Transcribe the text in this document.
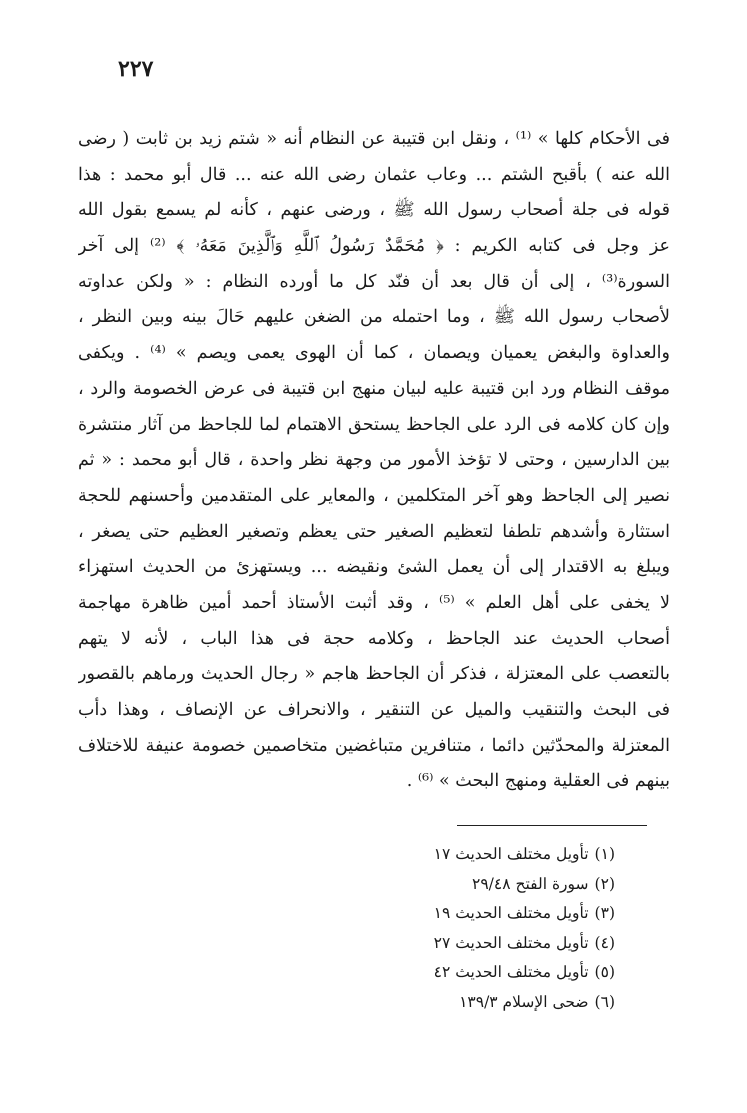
٢٢٧
فى الأحكام كلها » ⁽¹⁾ ، ونقل ابن قتيبة عن النظام أنه « شتم زيد بن ثابت ( رضى
الله عنه ) بأقبح الشتم ... وعاب عثمان رضى الله عنه ... قال أبو محمد : هذا
قوله فى جلة أصحاب رسول الله ﷺ ، ورضى عنهم ، كأنه لم يسمع بقول الله
عز وجل فى كتابه الكريم : ﴿ مُحَمَّدٌ رَسُولُ ٱللَّهِ وَٱلَّذِينَ مَعَهُۥ ﴾ ⁽²⁾ إلى آخر
السورة⁽³⁾ ، إلى أن قال بعد أن فنّد كل ما أورده النظام : « ولكن عداوته
لأصحاب رسول الله ﷺ ، وما احتمله من الضغن عليهم حَالَ بينه وبين النظر ،
والعداوة والبغض يعميان ويصمان ، كما أن الهوى يعمى ويصم » ⁽⁴⁾ . ويكفى
موقف النظام ورد ابن قتيبة عليه لبيان منهج ابن قتيبة فى عرض الخصومة والرد ،
وإن كان كلامه فى الرد على الجاحظ يستحق الاهتمام لما للجاحظ من آثار منتشرة
بين الدارسين ، وحتى لا تؤخذ الأمور من وجهة نظر واحدة ، قال أبو محمد : « ثم
نصير إلى الجاحظ وهو آخر المتكلمين ، والمعاير على المتقدمين وأحسنهم للحجة
استثارة وأشدهم تلطفا لتعظيم الصغير حتى يعظم وتصغير العظيم حتى يصغر ،
ويبلغ به الاقتدار إلى أن يعمل الشئ ونقيضه ... ويستهزئ من الحديث استهزاء
لا يخفى على أهل العلم » ⁽⁵⁾ ، وقد أثبت الأستاذ أحمد أمين ظاهرة مهاجمة
أصحاب الحديث عند الجاحظ ، وكلامه حجة فى هذا الباب ، لأنه لا يتهم
بالتعصب على المعتزلة ، فذكر أن الجاحظ هاجم « رجال الحديث ورماهم بالقصور
فى البحث والتنقيب والميل عن التنقير ، والانحراف عن الإنصاف ، وهذا دأب
المعتزلة والمحدّثين دائما ، متنافرين متباغضين متخاصمين خصومة عنيفة للاختلاف
بينهم فى العقلية ومنهج البحث » ⁽⁶⁾ .
(١)تأويل مختلف الحديث ١٧
(٢)سورة الفتح ٢٩/٤٨
(٣)تأويل مختلف الحديث ١٩
(٤)تأويل مختلف الحديث ٢٧
(٥)تأويل مختلف الحديث ٤٢
(٦)ضحى الإسلام ١٣٩/٣
